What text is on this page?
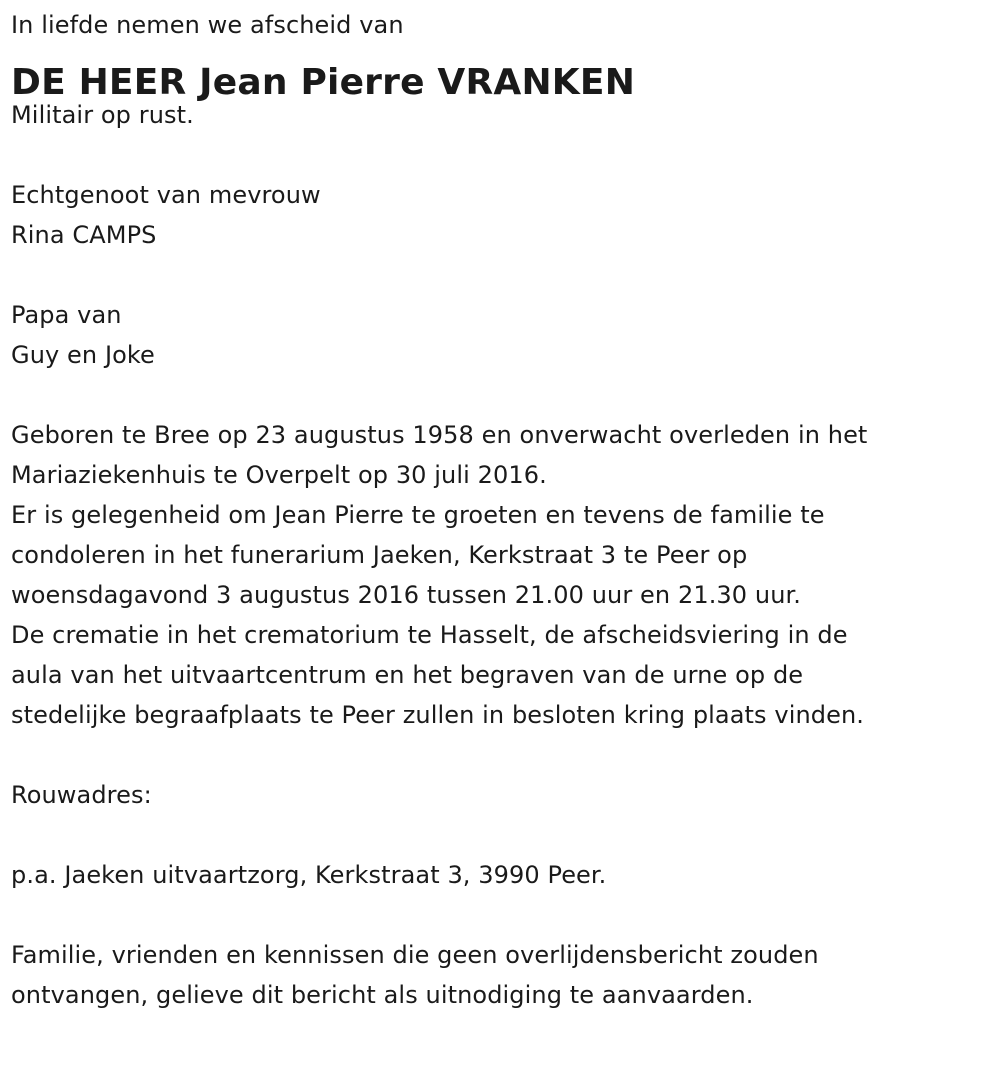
In liefde nemen we afscheid van
DE HEER Jean Pierre VRANKEN
Militair op rust.
Echtgenoot van mevrouw
Rina CAMPS
Papa van
Guy en Joke
Geboren te Bree op 23 augustus 1958 en onverwacht overleden in het
Mariaziekenhuis te Overpelt op 30 juli 2016.
Er is gelegenheid om Jean Pierre te groeten en tevens de familie te
condoleren in het funerarium Jaeken, Kerkstraat 3 te Peer op
woensdagavond 3 augustus 2016 tussen 21.00 uur en 21.30 uur.
De crematie in het crematorium te Hasselt, de afscheidsviering in de
aula van het uitvaartcentrum en het begraven van de urne op de
stedelijke begraafplaats te Peer zullen in besloten kring plaats vinden.
Rouwadres:
p.a. Jaeken uitvaartzorg, Kerkstraat 3, 3990 Peer.
Familie, vrienden en kennissen die geen overlijdensbericht zouden
ontvangen, gelieve dit bericht als uitnodiging te aanvaarden.
